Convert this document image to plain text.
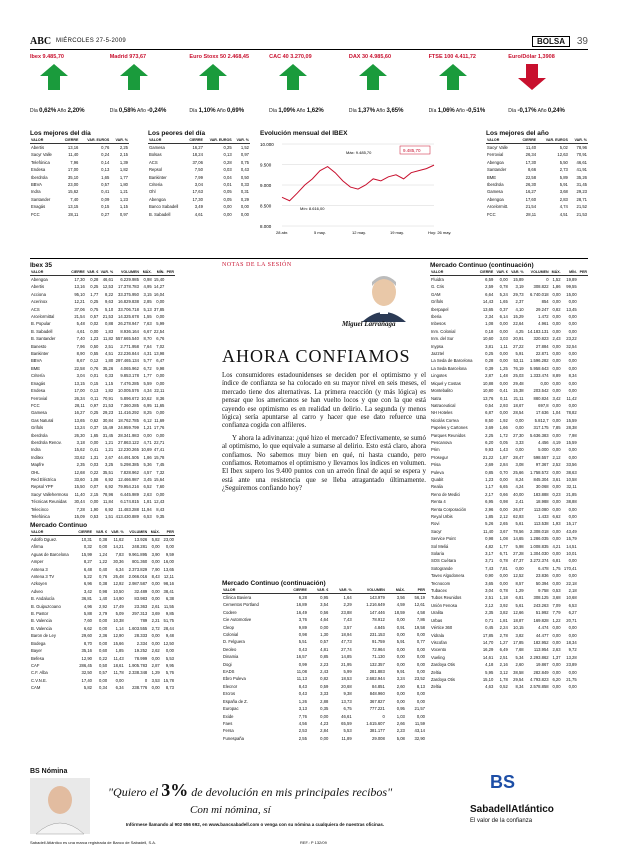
ABC MIÉRCOLES 27-5-2009	BOLSA	39
Ibex 9.485,70
Día 0,62% Año 2,20%
Madrid 973,67
Día 0,58% Año -0,24%
Euro Stoxx 50 2.468,45
Día 1,10% Año 0,69%
CAC 40 3.270,09
Día 1,09% Año 1,62%
DAX 30 4.985,60
Día 1,37% Año 3,65%
FTSE 100 4.411,72
Día 1,06% Año -0,51%
Euro/Dólar 1,3908
Día -0,17% Año 0,24%
Los mejores del día
VALOR	CIERRE	VAR. EUROS	VAR. %
Abertis	13,16	0,76	2,25
Sacyr Valle	11,40	0,24	2,15
Telefónica	7,96	0,14	1,39
Endesa	17,00	0,13	1,82
Iberdrola	35,10	1,65	1,77
BBVA	23,00	0,57	1,80
Indra	15,62	0,41	1,21
Santander	7,40	0,09	1,23
Enagás	13,15	0,15	1,15
FCC	28,11	0,27	0,97
Los peores del día
VALOR	CIERRE	VAR. EUROS	VAR. %
Gamesa	16,27	0,25	1,52
Bolsas	18,24	0,13	0,97
ACS	37,06	0,28	0,75
Repsol	7,50	0,03	0,43
Bankinter	7,99	0,04	0,50
Criteria	3,04	0,01	0,33
Ohl	17,63	0,05	0,31
Abengoa	17,30	0,05	0,29
Banco Sabadell	3,49	0,00	0,00
B. Sabadell	4,61	0,00	0,00
Evolución mensual del IBEX
10.000
9.500
9.000
8.500
8.000
28 abr.	5 may.	12 may.	19 may.	Hoy: 26 may.
Máx: 9.485,70
Mín: 8.616,00
9.485,70
Los mejores del año
VALOR	CIERRE	VAR. EUROS	VAR. %
Sacyr Valle	11,40	5,02	78,96
Ferrovial	26,34	12,63	70,91
Abengoa	17,30	5,50	46,61
Santander	8,66	2,73	41,91
BME	22,58	5,89	35,26
Iberdrola	26,30	5,91	31,45
Gamesa	16,27	3,68	29,23
Abengoa	17,60	2,83	28,71
Arcelormitt.	21,54	4,74	21,52
FCC	28,11	4,51	21,53
Ibex 35
VALOR	CIERRE	VAR. €	VAR. %	VOLUMEN	MÁX.	MÍN.	PER
Abengoa	17,30	0,28	46,61	6.229.985	0,98	15,40	
Abertis	13,16	0,25	12,53	17.378.783	4,95	14,27	
Acciona	95,10	1,77	8,22	33.375.950	3,15	16,04	
Acerinox	12,21	0,25	9,63	16.829.838	2,85	0,00	
ACS	37,06	0,75	5,10	33.706.718	5,13	37,85	
Arcelormittal	21,54	0,57	21,53	14.325.678	1,55	0,00	
B. Popular	5,48	0,02	0,88	26.278.947	7,63	5,99	
B. Sabadell	4,61	0,00	1,83	8.936.164	6,67	22,54	
B. Santander	7,40	1,23	11,82	557.665.540	8,70	6,76	
Banesto	7,96	0,50	2,51	2.771.958	7,64	7,02	
Bankinter	8,90	0,55	4,51	22.236.844	4,31	13,98	
BBVA	8,67	0,12	1,80	297.465.134	5,77	6,47	
BME	22,58	0,76	35,26	4.065.962	6,72	9,98	
Critería	3,04	0,01	0,33	9.853.178	1,77	0,00	
Enagás	13,15	0,15	1,15	7.476.285	5,59	0,00	
Endesa	17,00	0,13	1,82	10.005.576	4,34	22,11	
Ferrovial	26,34	0,11	70,91	5.896.672	10,62	8,36	
FCC	28,11	0,97	21,53	7.360.285	6,95	11,65	
Gamesa	16,27	0,25	29,23	11.416.292	8,25	0,00	
Gas Natural	13,65	0,62	30,84	18.762.785	6,12	11,69	
Grifols	13,24	0,37	15,49	24.959.799	1,21	17,76	
Iberdrola	26,30	1,65	31,45	28.341.983	0,00	0,00	
Iberdrola Renov.	3,18	0,00	1,21	27.863.122	4,71	22,71	
Indra	15,62	0,41	1,21	12.230.265	10,69	47,41	
Inditex	33,62	1,31	2,67	44.491.505	1,86	15,78	
Mapfre	2,35	0,03	3,25	5.298.385	5,36	7,45	
OHL	12,68	0,22	35,51	7.828.962	4,57	7,32	
Red Eléctrica	33,60	1,08	6,92	12.466.987	3,45	15,64	
Repsol YPF	15,50	0,07	6,92	79.954.216	6,52	7,60	
Sacyr Vallehermoso	11,40	2,15	78,96	6.445.989	2,63	0,00	
Técnicas Reunidas	30,44	0,00	11,84	6.174.815	1,81	12,43	
Telecinco	7,28	1,90	6,92	11.483.288	11,94	8,43	
Telefónica	15,09	0,53	1,51	413.430.889	6,53	9,35	
Mercado Continuo
VALOR	CIERRE	VAR. €	VAR. %	VOLUMEN	MÁX.	PER
Adolfo Dguez.	10,31	0,38	11,62	13.926	5,82	23,00
Afirma	0,32	0,00	14,21	248.281	0,00	0,00
Aguas de Barcelona	15,99	1,24	7,83	9.961.895	3,90	9,59
Amper	8,27	1,22	30,36	801.360	0,00	16,00
Antena 3	6,48	0,40	6,34	2.373.829	7,90	13,65
Antena 3 TV	5,22	0,76	25,48	2.066.016	8,43	12,11
Azkoyen	6,96	0,38	12,92	2.987.587	0,00	98,16
Adveo	3,42	0,98	10,50	32.489	0,00	38,41
B. Andalucía	36,81	1,40	14,90	83.983	0,00	6,38
B. Guipuzcoano	4,96	2,92	17,49	23.363	2,61	11,55
B. Pastor	5,88	2,79	5,09	297.313	3,69	9,85
B. Valencia	7,60	0,00	10,38	789	2,21	51,75
B. Valencia	6,62	0,00	1,14	1.603.555	2,72	28,44
Baron de Ley	29,60	2,36	12,90	28.333	0,00	9,48
Bodega	8,70	0,00	15,66	2.334	0,00	12,50
Bayer	35,16	0,60	1,85	19.252	2,62	0,00
Befesa	12,90	0,22	11,43	78.999	0,00	5,53
CAF	286,45	0,50	18,61	1.905.783	2,87	9,95
C.F. Alba	32,50	0,57	11,78	2.338.348	1,29	5,76
C.V.N.E.	17,40	0,00	0,00	0	3,53	15,78
CAM	5,82	0,34	6,34	238.776	0,00	8,73
NOTAS DE LA SESIÓN
Miguel Larrañaga
AHORA CONFIAMOS

Los consumidores estadounidenses se deciden por el optimismo y el índice de confianza se ha colocado en su mayor nivel en seis meses, el mercado tiene dos alternativas. La primera reacción (y más lógica) es pensar que los americanos se han vuelto locos y que con la que está cayendo ese optimismo es en realidad un delirio. La segunda (y menos lógica) sería apuntarse al carro y hacer que ese dato refuerce una confianza cogida con alfileres.

Y ahora la adivinanza: ¿qué hizo el mercado? Efectivamente, se sumó al optimismo, lo que equivale a sumarse al delirio. Esto está claro, ahora confiamos. No sabemos muy bien en qué, ni hasta cuando, pero confiamos. Retomamos el optimismo y llevamos los índices en volumen. El Ibex supero los 9.400 puntos con un arreón final de aquí se espera y está ante una resistencia que se lleba atragantado últimamente. ¿Seguiremos confiando hoy?

Mercado Continuo (continuación)
VALOR	CIERRE	VAR. €	VAR. %	VOLUMEN	MÁX.	PER
Clínica Baviera	6,28	0,95	1,64	143.979	3,56	56,19
Cementos Portland	16,89	3,54	2,29	1.216.649	4,59	12,61
Codere	16,49	0,56	23,88	147.446	18,59	4,58
Cie Automotive	3,76	4,64	7,43	78.912	0,00	7,86
Cleop	9,89	0,00	3,57	4.845	0,91	19,58
Colonial	0,98	1,30	18,94	231.153	0,00	0,00
D. Felguera	5,51	0,57	47,73	91.759	5,91	0,77
Deoleo	0,43	4,81	27,74	72.964	0,00	0,00
Dinamia	16,57	0,85	14,85	71.130	0,00	0,00
Dogi	0,99	2,23	21,95	132.357	0,00	0,00
EADS	11,08	2,43	5,99	281.883	9,91	0,00
Ebro Puleva	11,13	0,82	18,53	2.682.944	3,24	23,52
Elecnor	8,43	0,59	20,68	84.851	2,60	8,13
Ercros	0,43	3,33	9,38	848.960	0,00	0,00
España de Z.	1,26	2,88	13,73	367.827	0,00	0,00
Europac	3,13	0,35	6,75	777.221	0,95	21,57
Exide	7,76	0,00	46,61	0	1,03	0,00
Faes	4,56	4,23	65,59	1.615.607	2,66	11,59
Fersa	2,53	2,84	5,53	381.177	2,23	43,14
Funespaña	2,55	0,00	11,89	29.008	5,08	32,90
Mercado Continuo (continuación)
VALOR	CIERRE	VAR. €	VAR. %	VOLUMEN	MÁX.	MÍN.	PER
Fluidra	6,59	0,00	15,89	0	1,52	19,89	
G. Cris	2,59	0,78	3,19	308.822	1,86	99,55	
GAM	6,64	5,24	29,73	6.740.018	0,00	15,00	
Grifols	14,43	1,65	2,37	854	0,00	0,00	
Iberpapel	13,65	0,37	4,10	29.247	0,82	13,45	
Iberia	2,34	6,14	15,29	1.472	0,00	0,00	
Inbesos	1,08	0,00	22,64	4.961	0,00	0,00	
Inm. Colonial	0,18	0,00	4,25	14.183.131	0,00	0,00	
Inm. del Sur	10,60	3,03	20,91	320.823	2,43	23,22	
Inypsa	3,81	1,11	27,22	27.884	0,00	32,54	
Jazztel	0,25	0,00	5,91	22.871	0,00	0,00	
La Seda de Barcelona	0,28	0,00	53,11	1.596.282	0,00	0,00	
La Seda Barcelona	0,39	1,25	76,19	5.958.643	0,00	0,00	
Lingotes	2,87	1,48	25,03	1.333.474	8,89	8,34	
Miquel y Costas	10,88	0,00	29,48	0,00	0,00	0,00	
Montebalito	10,80	0,41	15,38	203.542	0,00	0,00	
Natra	13,76	0,11	21,11	880.824	3,42	11,42	
Natraceutical	0,54	2,93	18,67	697,8	0,00	0,00	
NH Hoteles	6,87	0,00	28,54	17.636	1,04	78,82	
Nicolás Correa	8,50	1,92	0,00	5.812,7	0,00	15,59	
Papeles y Cartones	3,69	1,66	0,00	317.175	7,85	28,38	
Parques Reunidos	2,25	1,72	27,30	5.636.383	0,00	7,98	
Pescanova	6,20	0,05	3,33	4.456	4,19	15,59	
Prim	9,93	1,43	0,00	5.000	0,00	0,00	
Prosegur	21,22	1,87	28,47	598.557	2,12	0,00	
Prisa	2,69	2,84	3,08	97.367	2,52	33,56	
Puleva	0,85	0,70	25,66	1.758.572	0,00	38,63	
Quabit	1,23	0,00	8,24	845.304	3,61	10,58	
Realia	1,17	6,65	4,24	30.068	0,00	32,11	
Reno de Medici	2,17	0,66	40,00	183.888	0,23	21,85	
Renta 4	6,95	0,98	2,41	18.988	0,00	38,88	
Renta Corporación	2,96	0,00	26,07	113.080	0,00	0,00	
Reyal Urbis	1,85	2,12	62,93	1.433	6,62	0,00	
Rovi	5,26	2,65	5,61	113.538	1,93	15,17	
Sacyr	11,40	3,67	78,56	2.308.018	0,00	43,49	
Service Point	0,98	1,08	14,65	1.286.035	0,00	15,79	
Sol Meliá	4,82	1,77	5,98	1.008.835	4,21	14,51	
Solaria	3,17	6,71	27,28	1.304.030	0,00	10,01	
SOS Cuétara	3,71	0,78	47,37	3.272.374	6,81	0,00	
Sotogrande	7,43	7,81	0,00	6.478	1,75	170,41	
Tavex Algodonera	0,90	0,00	12,52	23.836	0,00	0,00	
Tecnocom	3,65	0,00	8,57	50.394	0,00	22,18	
Tubacex	3,04	0,78	1,29	9.758	0,53	2,18	
Tubos Reunidos	2,51	1,18	6,81	308.125	3,68	10,68	
Unión Fenosa	2,12	3,92	5,61	243.263	7,09	6,53	
Uralita	2,35	3,82	12,66	51.992	7,79	6,27	
Urbas	0,71	1,81	18,87	169.828	1,22	20,71	
Vértice 360	0,45	2,24	10,15	4.474	0,00	0,00	
Vidrala	17,85	2,78	3,82	44.477	0,00	0,00	
Viscofan	14,70	1,27	17,85	182.952	0,00	18,34	
Vocento	16,29	6,49	7,68	113.954	2,63	9,72	
Vueling	14,61	2,51	5,34	2.293.862	1,37	13,28	
Zardoya Otis	4,18	2,16	2,60	19.867	0,00	23,89	
Zeltia	5,95	3,12	38,58	282.849	0,00	0,00	
Zardoya Otis	15,10	1,78	29,54	4.793.823	6,20	21,75	
Zeltia	4,63	0,52	8,34	2.578.858	0,00	0,00	
BS Nómina
"Quiero el 3% de devolución en mis principales recibos"
Con mi nómina, sí
Infórmese llamando al 902 656 692, en www.bancsabadell.com o venga con su nómina a cualquiera de nuestras oficinas.
BS
SabadellAtlántico
El valor de la confianza
Sabadell Atlántico es una marca registrada de Banco de Sabadell, S.A.	REF.: P 132/09
